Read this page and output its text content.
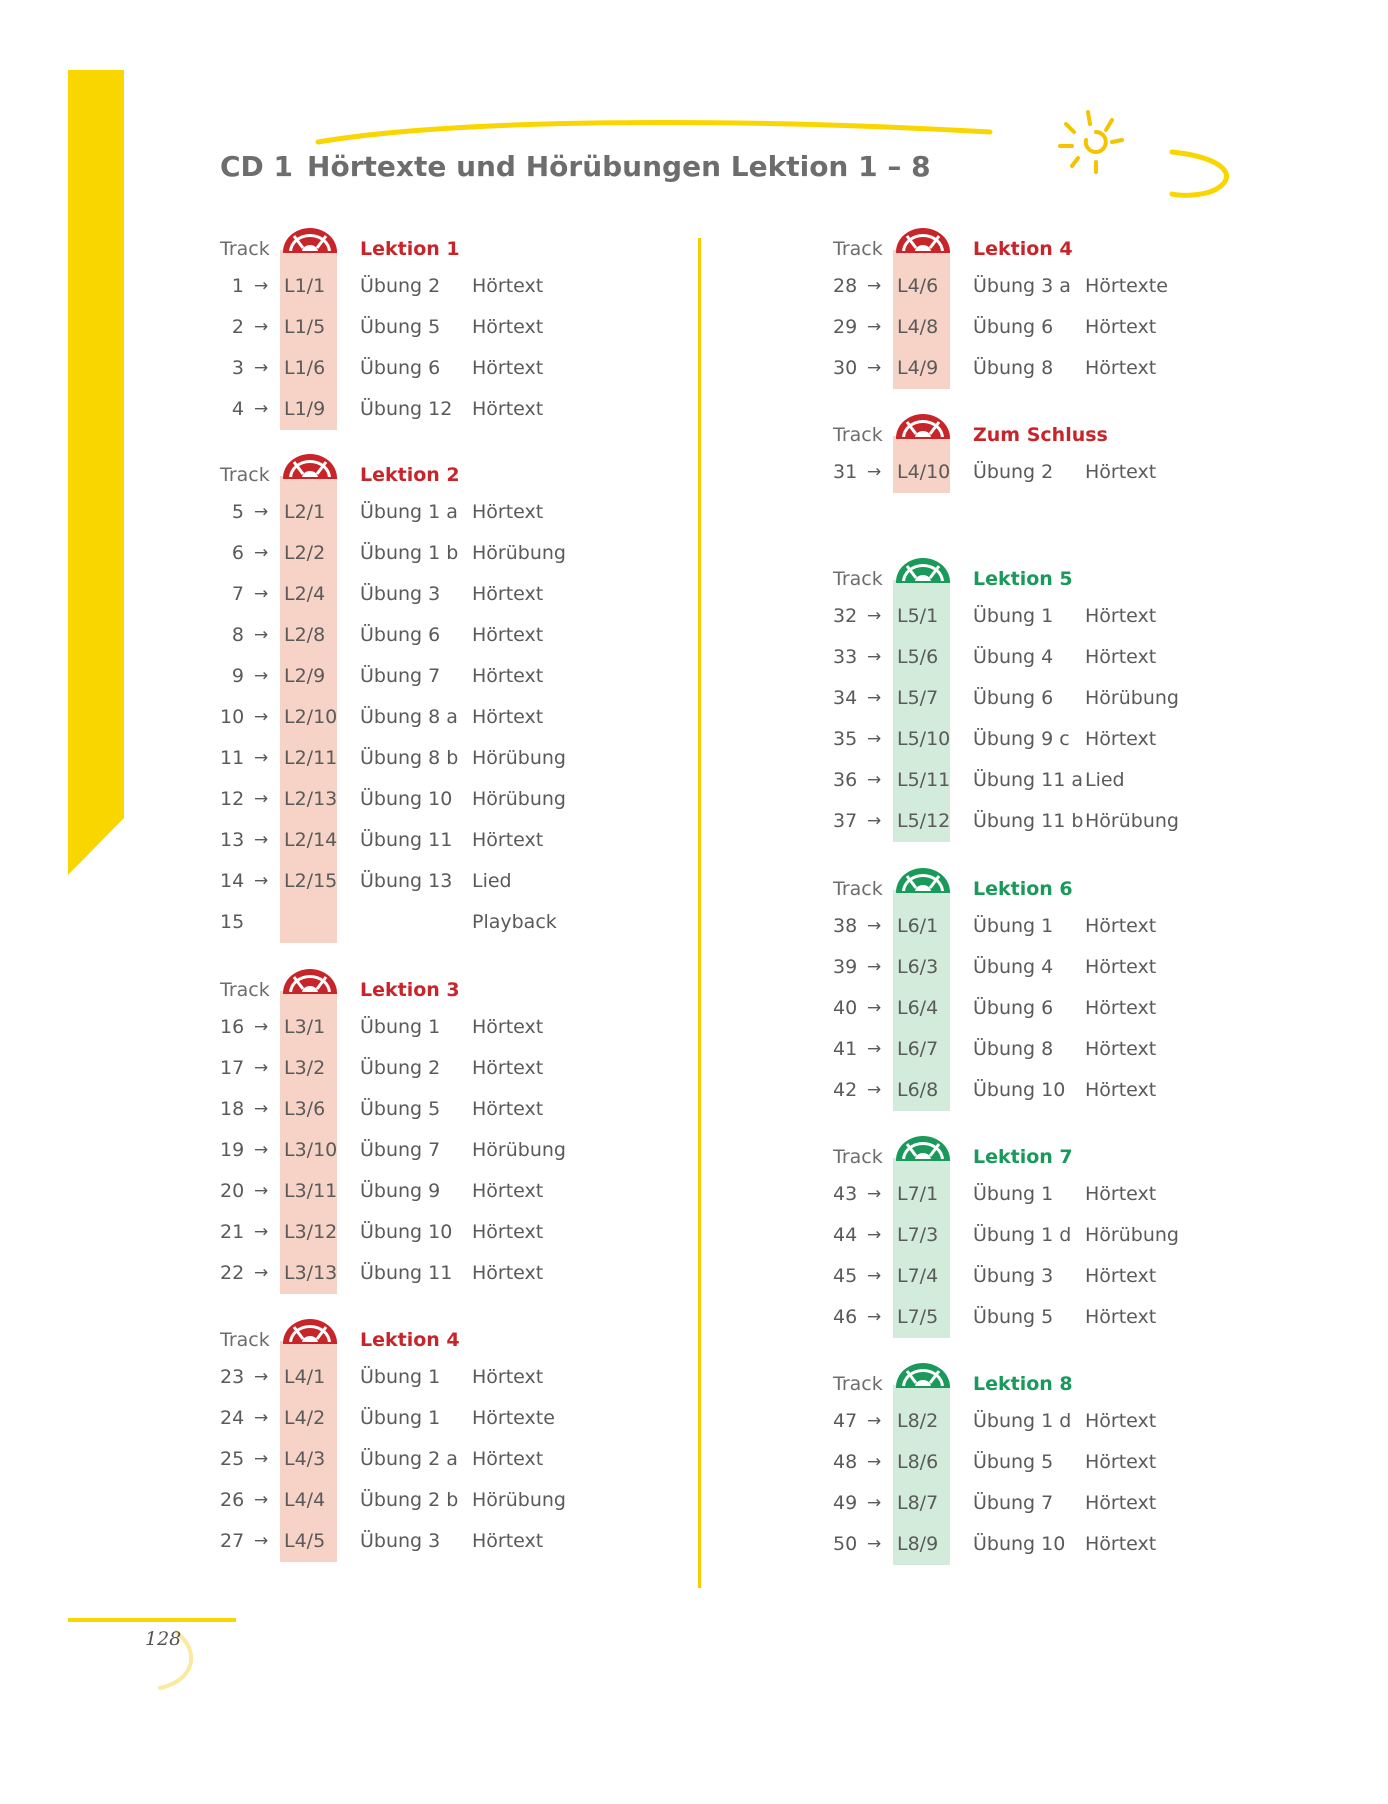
CD 1 Hörtexte und Hörübungen Lektion 1 – 8
Track	Lektion 1
1 → L1/1 Übung 2 Hörtext
2 → L1/5 Übung 5 Hörtext
3 → L1/6 Übung 6 Hörtext
4 → L1/9 Übung 12 Hörtext
Track	Lektion 2
5 → L2/1 Übung 1 a Hörtext
6 → L2/2 Übung 1 b Hörübung
7 → L2/4 Übung 3 Hörtext
8 → L2/8 Übung 6 Hörtext
9 → L2/9 Übung 7 Hörtext
10 → L2/10 Übung 8 a Hörtext
11 → L2/11 Übung 8 b Hörübung
12 → L2/13 Übung 10 Hörübung
13 → L2/14 Übung 11 Hörtext
14 → L2/15 Übung 13 Lied
15	Playback
Track	Lektion 3
16 → L3/1 Übung 1 Hörtext
17 → L3/2 Übung 2 Hörtext
18 → L3/6 Übung 5 Hörtext
19 → L3/10 Übung 7 Hörübung
20 → L3/11 Übung 9 Hörtext
21 → L3/12 Übung 10 Hörtext
22 → L3/13 Übung 11 Hörtext
Track	Lektion 4
23 → L4/1 Übung 1 Hörtext
24 → L4/2 Übung 1 Hörtexte
25 → L4/3 Übung 2 a Hörtext
26 → L4/4 Übung 2 b Hörübung
27 → L4/5 Übung 3 Hörtext
Track	Lektion 4
28 → L4/6 Übung 3 a Hörtexte
29 → L4/8 Übung 6 Hörtext
30 → L4/9 Übung 8 Hörtext
Track	Zum Schluss
31 → L4/10 Übung 2 Hörtext
Track	Lektion 5
32 → L5/1 Übung 1 Hörtext
33 → L5/6 Übung 4 Hörtext
34 → L5/7 Übung 6 Hörübung
35 → L5/10 Übung 9 c Hörtext
36 → L5/11 Übung 11 a Lied
37 → L5/12 Übung 11 b Hörübung
Track	Lektion 6
38 → L6/1 Übung 1 Hörtext
39 → L6/3 Übung 4 Hörtext
40 → L6/4 Übung 6 Hörtext
41 → L6/7 Übung 8 Hörtext
42 → L6/8 Übung 10 Hörtext
Track	Lektion 7
43 → L7/1 Übung 1 Hörtext
44 → L7/3 Übung 1 d Hörübung
45 → L7/4 Übung 3 Hörtext
46 → L7/5 Übung 5 Hörtext
Track	Lektion 8
47 → L8/2 Übung 1 d Hörtext
48 → L8/6 Übung 5 Hörtext
49 → L8/7 Übung 7 Hörtext
50 → L8/9 Übung 10 Hörtext
128
